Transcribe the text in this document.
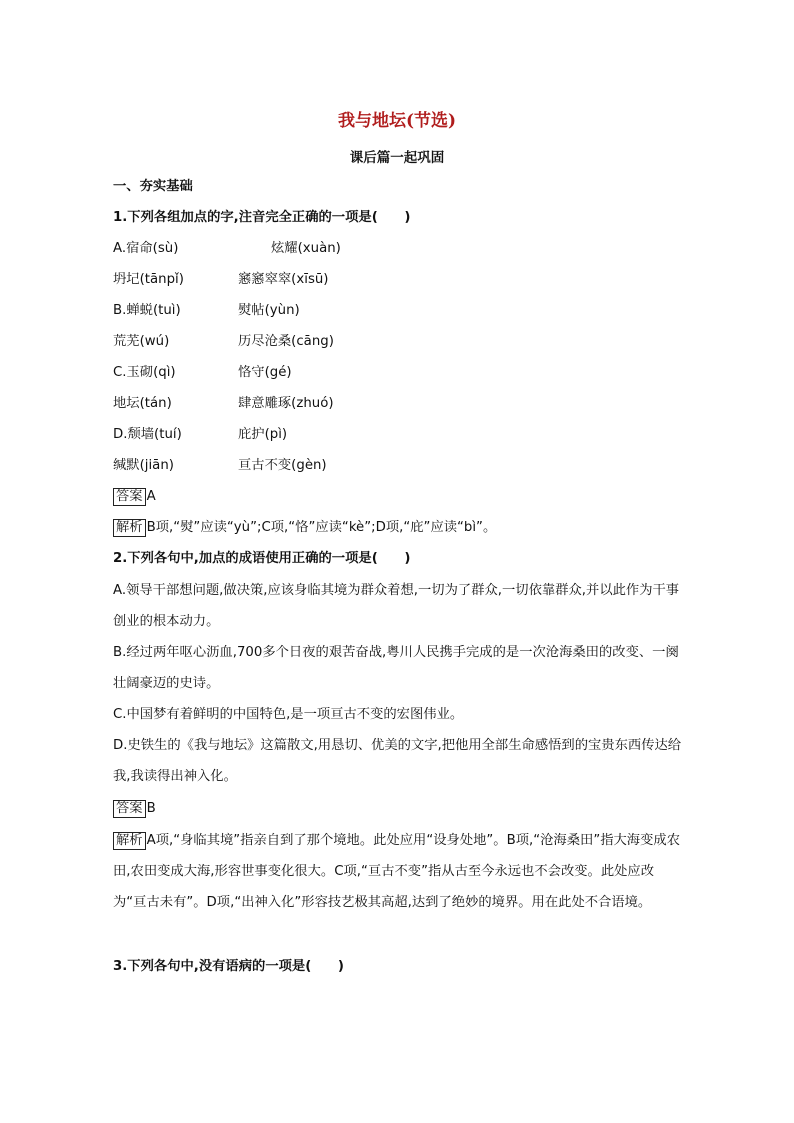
我与地坛(节选)
课后篇一起巩固
一、夯实基础
1.下列各组加点的字,注音完全正确的一项是(　　)
A.宿命(sù)	炫耀(xuàn)
坍圮(tānpǐ)	窸窸窣窣(xīsū)
B.蝉蜕(tuì)	熨帖(yùn)
荒芜(wú)	历尽沧桑(cāng)
C.玉砌(qì)	恪守(gé)
地坛(tán)	肆意雕琢(zhuó)
D.颓墙(tuí)	庇护(pì)
缄默(jiān)	亘古不变(gèn)
答案 A
解析 B项,“熨”应读“yù”;C项,“恪”应读“kè”;D项,“庇”应读“bì”。
2.下列各句中,加点的成语使用正确的一项是(　　)
A.领导干部想问题,做决策,应该身临其境为群众着想,一切为了群众,一切依靠群众,并以此作为干事创业的根本动力。
B.经过两年呕心沥血,700多个日夜的艰苦奋战,粤川人民携手完成的是一次沧海桑田的改变、一阕壮阔豪迈的史诗。
C.中国梦有着鲜明的中国特色,是一项亘古不变的宏图伟业。
D.史铁生的《我与地坛》这篇散文,用恳切、优美的文字,把他用全部生命感悟到的宝贵东西传达给我,我读得出神入化。
答案 B
解析 A项,“身临其境”指亲自到了那个境地。此处应用“设身处地”。B项,“沧海桑田”指大海变成农田,农田变成大海,形容世事变化很大。C项,“亘古不变”指从古至今永远也不会改变。此处应改为“亘古未有”。D项,“出神入化”形容技艺极其高超,达到了绝妙的境界。用在此处不合语境。
3.下列各句中,没有语病的一项是(　　)
